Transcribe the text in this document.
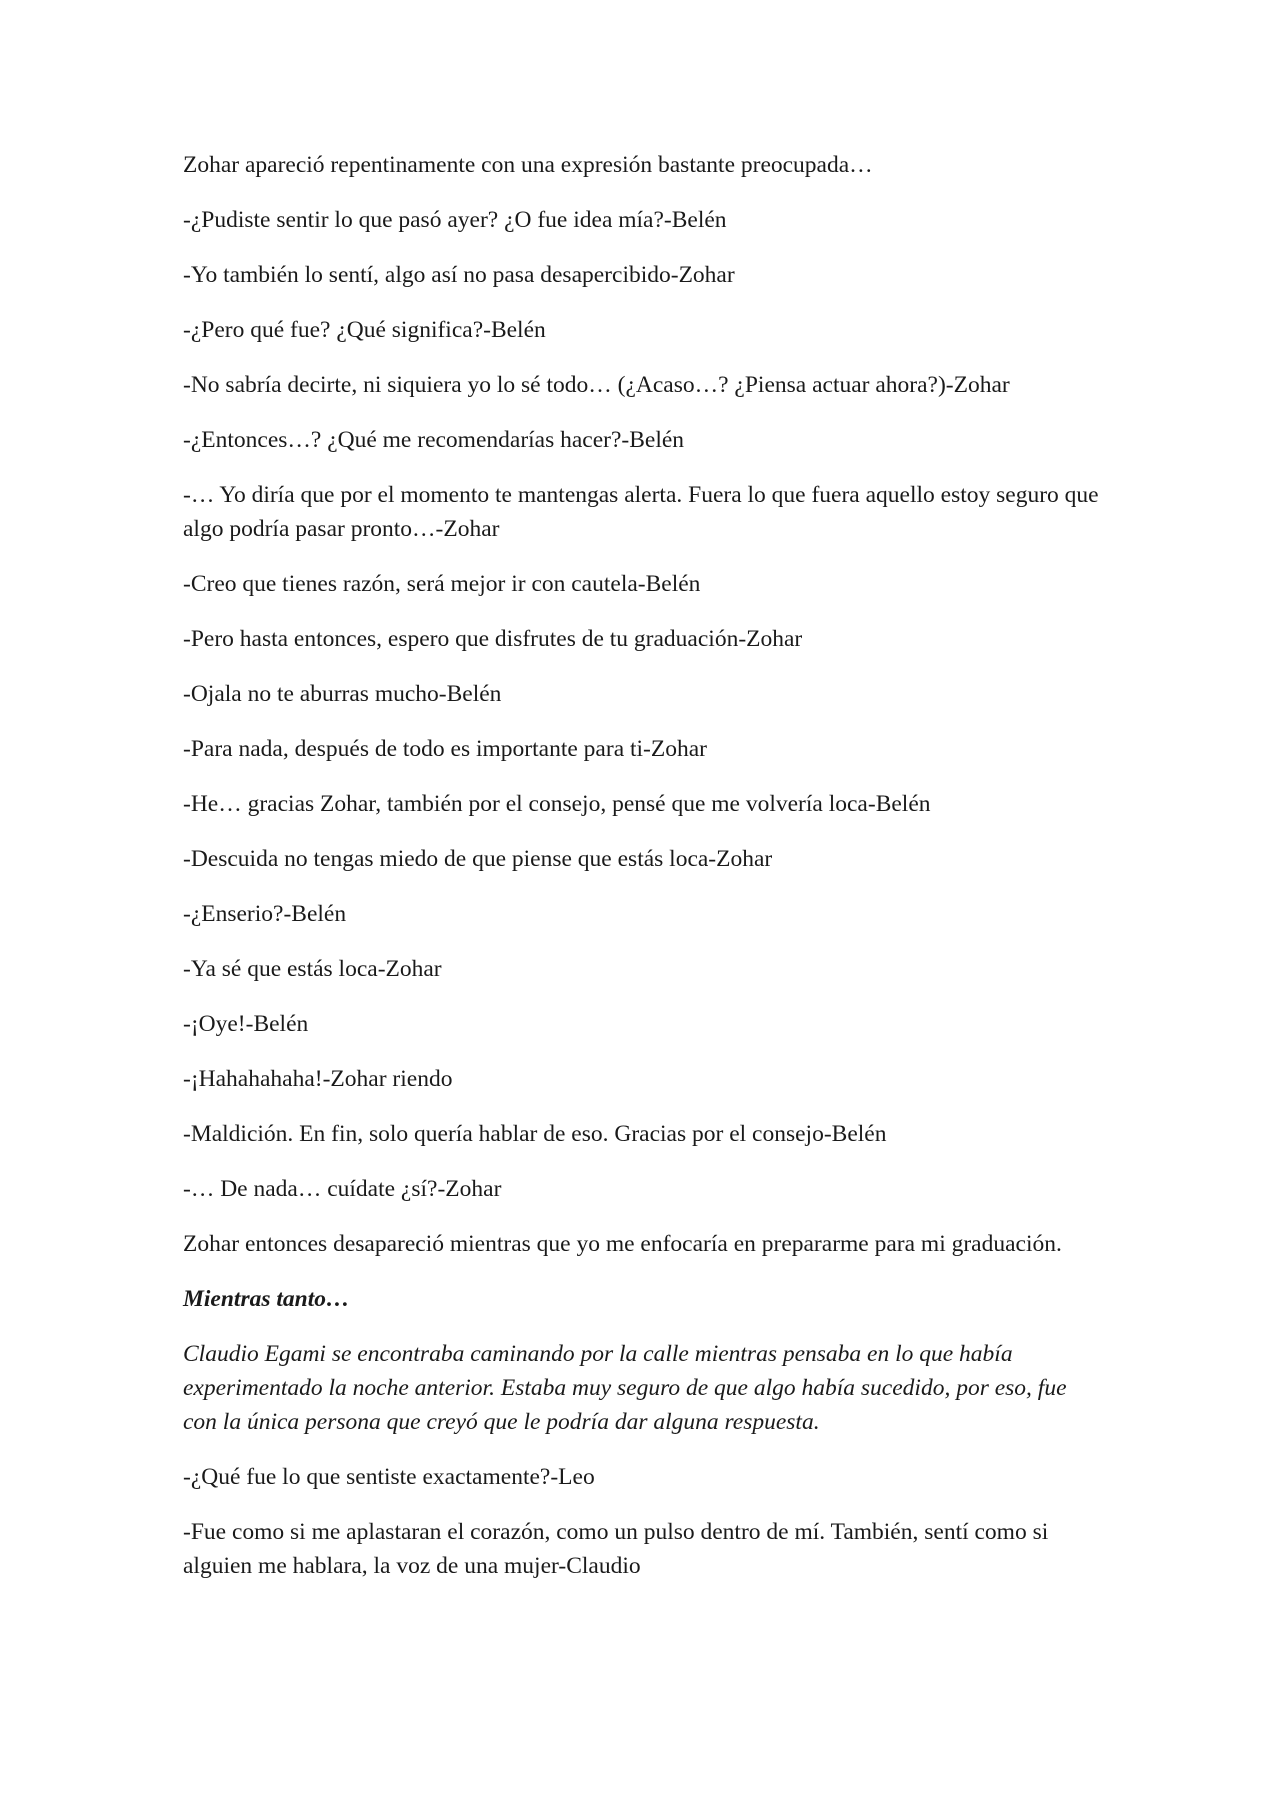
Zohar apareció repentinamente con una expresión bastante preocupada…

-¿Pudiste sentir lo que pasó ayer? ¿O fue idea mía?-Belén

-Yo también lo sentí, algo así no pasa desapercibido-Zohar

-¿Pero qué fue? ¿Qué significa?-Belén

-No sabría decirte, ni siquiera yo lo sé todo… (¿Acaso…? ¿Piensa actuar ahora?)-Zohar

-¿Entonces…? ¿Qué me recomendarías hacer?-Belén

-… Yo diría que por el momento te mantengas alerta. Fuera lo que fuera aquello estoy seguro que algo podría pasar pronto…-Zohar

-Creo que tienes razón, será mejor ir con cautela-Belén

-Pero hasta entonces, espero que disfrutes de tu graduación-Zohar

-Ojala no te aburras mucho-Belén

-Para nada, después de todo es importante para ti-Zohar

-He… gracias Zohar, también por el consejo, pensé que me volvería loca-Belén

-Descuida no tengas miedo de que piense que estás loca-Zohar

-¿Enserio?-Belén

-Ya sé que estás loca-Zohar

-¡Oye!-Belén

-¡Hahahahaha!-Zohar riendo

-Maldición. En fin, solo quería hablar de eso. Gracias por el consejo-Belén

-… De nada… cuídate ¿sí?-Zohar

Zohar entonces desapareció mientras que yo me enfocaría en prepararme para mi graduación.

Mientras tanto…

Claudio Egami se encontraba caminando por la calle mientras pensaba en lo que había experimentado la noche anterior. Estaba muy seguro de que algo había sucedido, por eso, fue con la única persona que creyó que le podría dar alguna respuesta.

-¿Qué fue lo que sentiste exactamente?-Leo

-Fue como si me aplastaran el corazón, como un pulso dentro de mí. También, sentí como si alguien me hablara, la voz de una mujer-Claudio
